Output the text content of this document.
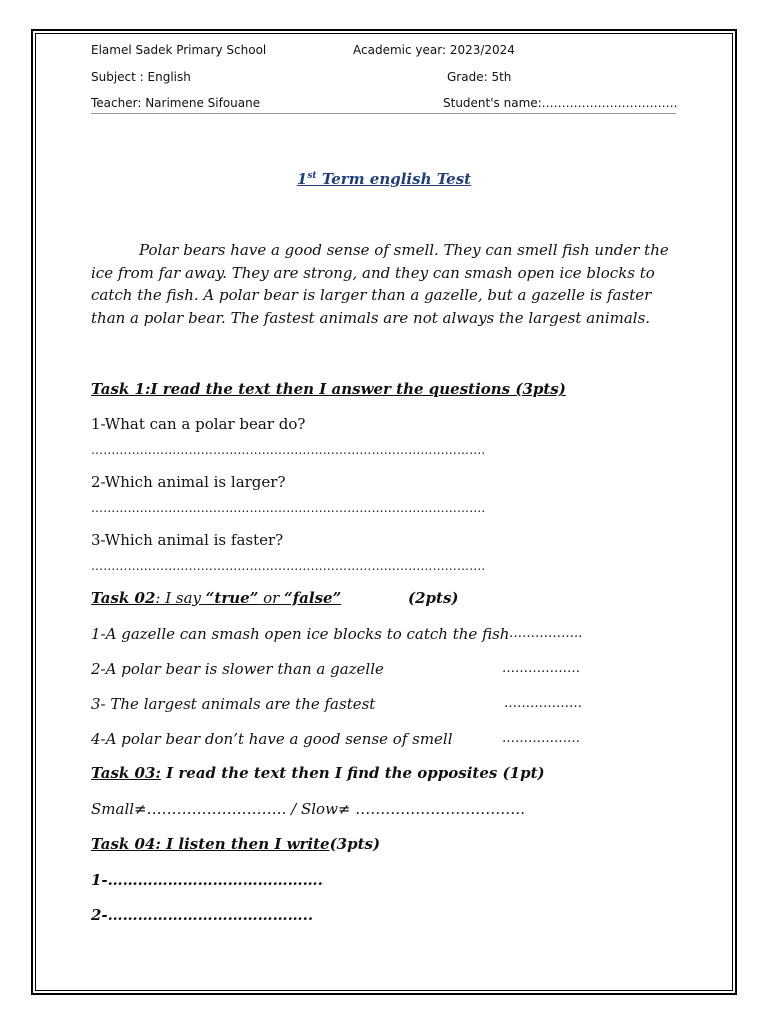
Elamel Sadek Primary School	Academic year: 2023/2024
Subject : English	Grade: 5th
Teacher: Narimene Sifouane	Student's name:…………………………….
1st Term english Test
Polar bears have a good sense of smell. They can smell fish under the ice from far away. They are strong, and they can smash open ice blocks to catch the fish. A polar bear is larger than a gazelle, but a gazelle is faster than a polar bear. The fastest animals are not always the largest animals.
Task 1:I read the text then I answer the questions (3pts)
1-What can a polar bear do?
…………………………………………………………………………………….
2-Which animal is larger?
…………………………………………………………………………………….
3-Which animal is faster?
…………………………………………………………………………………….
Task 02: I say “true” or “false”	(2pts)
1-A gazelle can smash open ice blocks to catch the fish ……………..
2-A polar bear is slower than a gazelle	………………
3- The largest animals are the fastest	………………
4-A polar bear don’t have a good sense of smell	………………
Task 03: I read the text then I find the opposites (1pt)
Small≠………………………. / Slow≠ …………………………….
Task 04: I listen then I write(3pts)
1-…………………………………….
2-…………………………………..
